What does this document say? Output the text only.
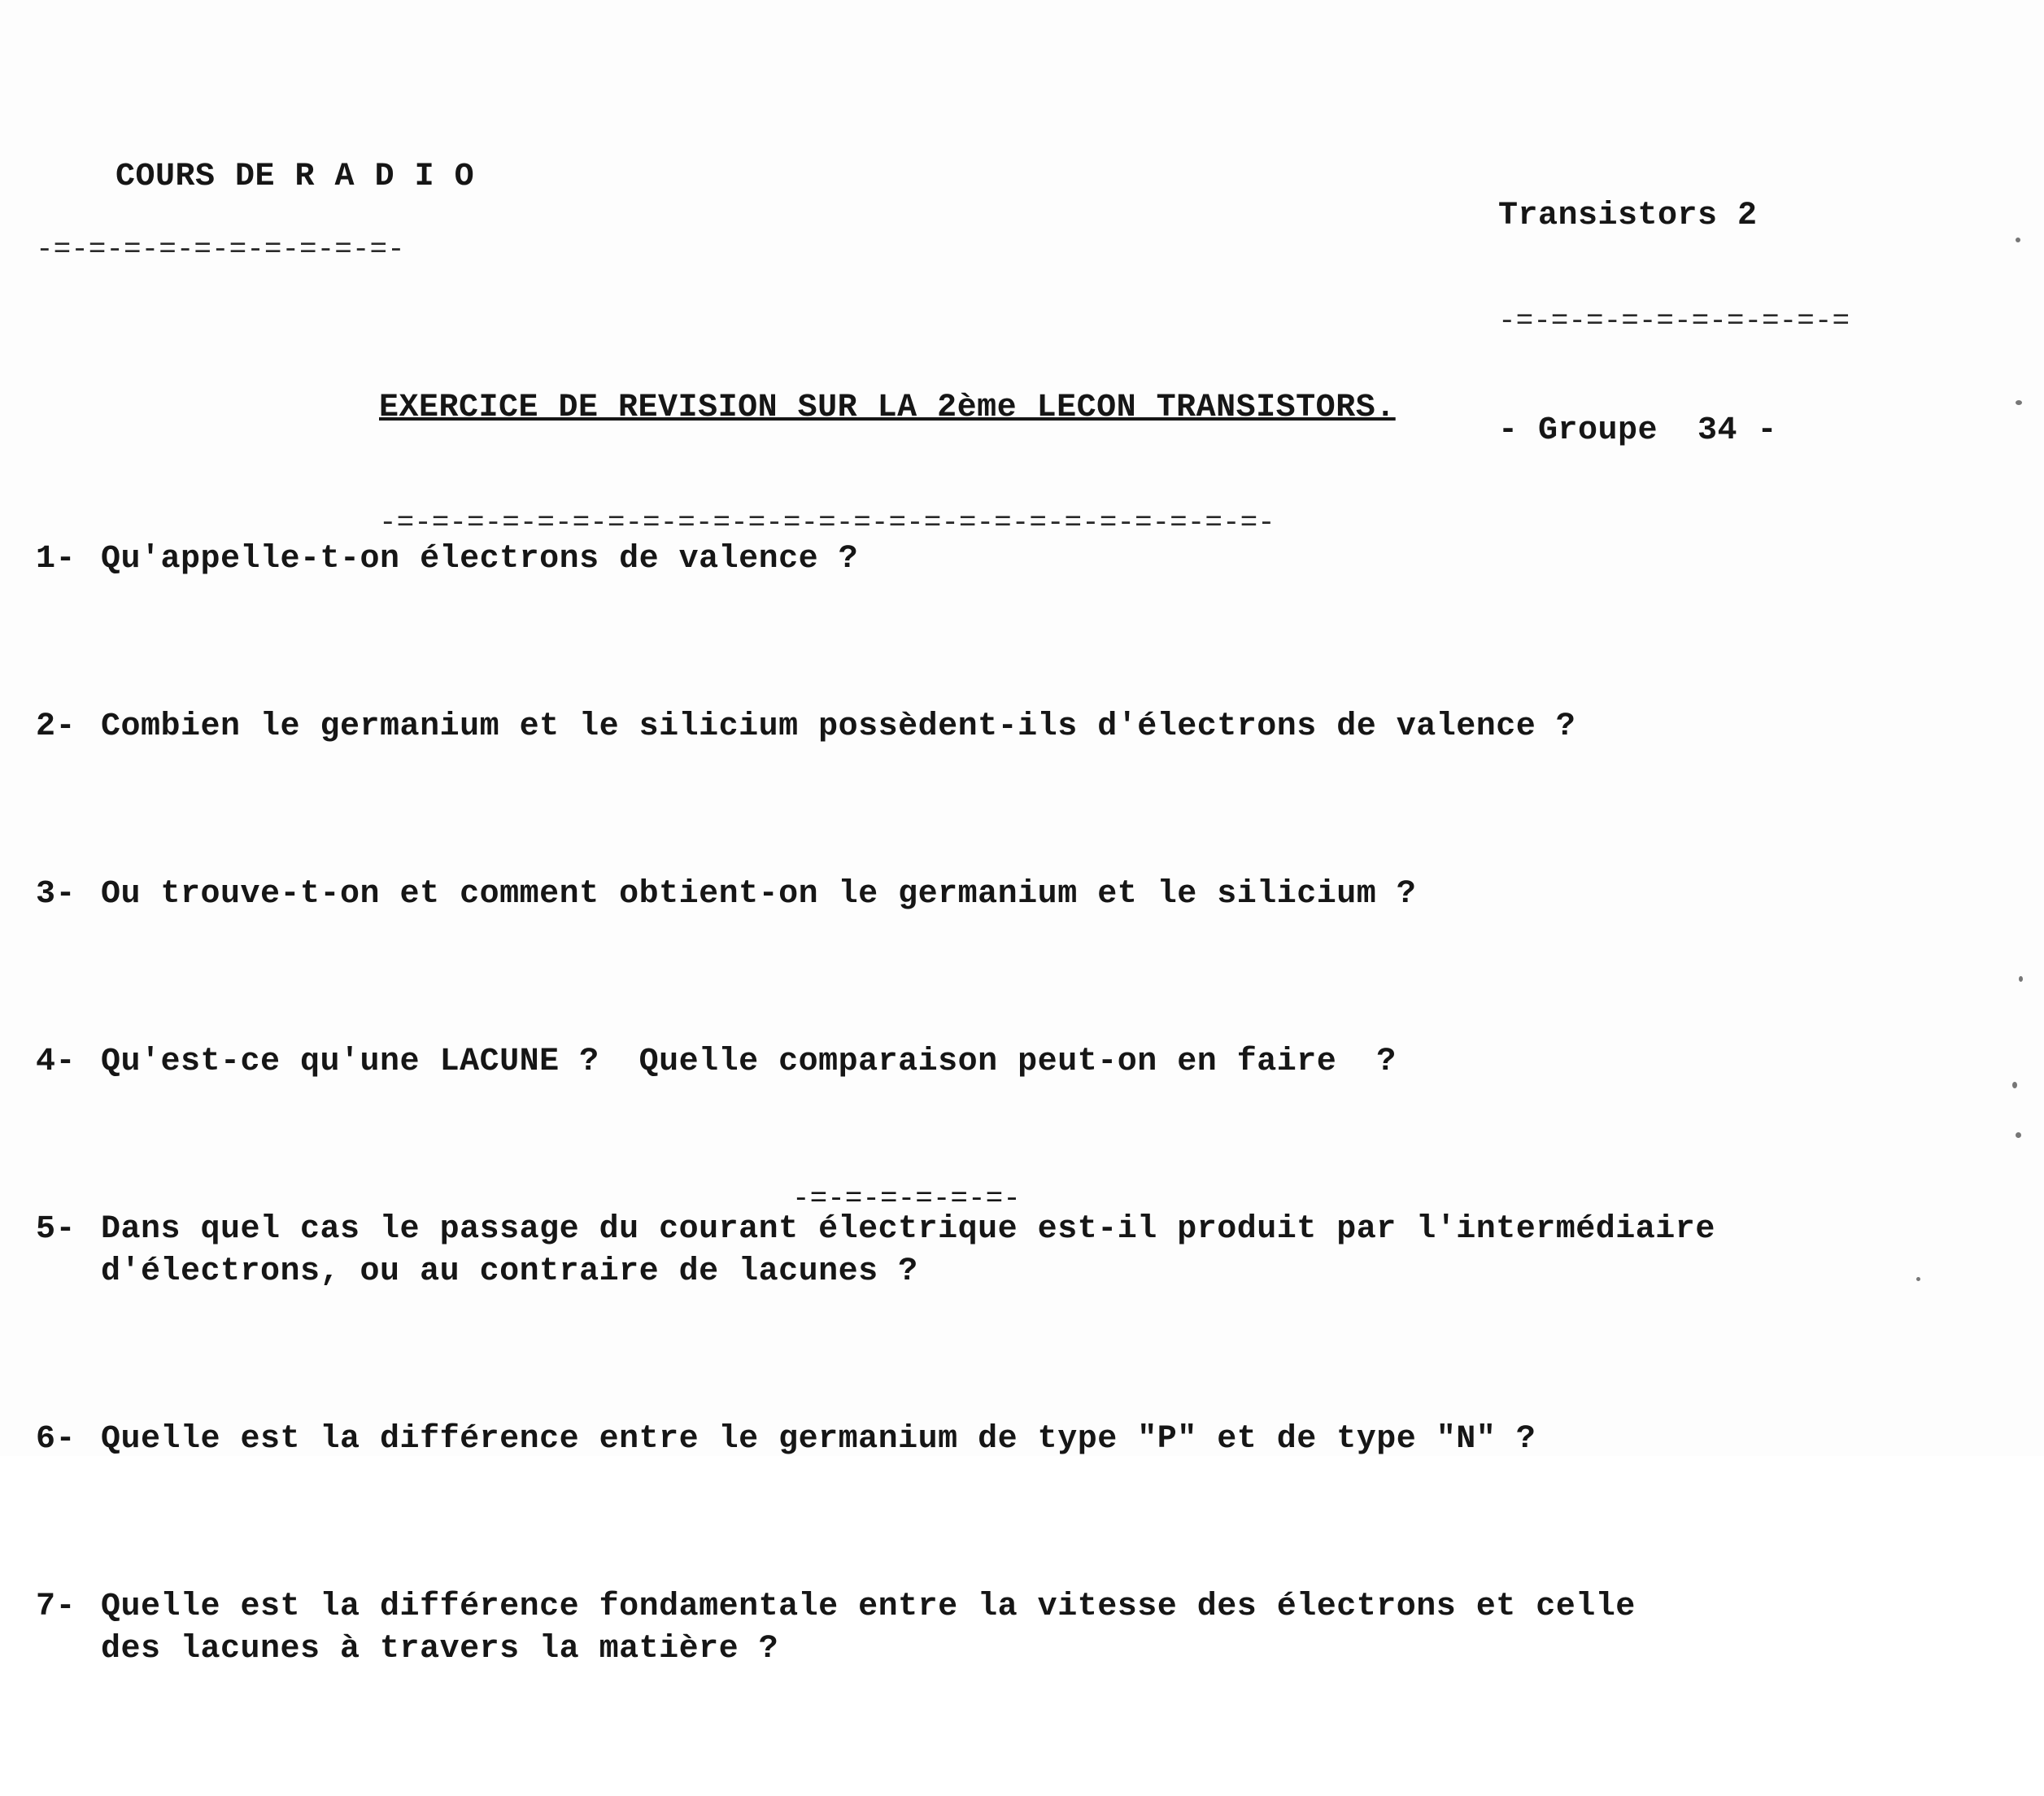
COURS DE R A D I O

-=-=-=-=-=-=-=-=-=-=-

Transistors 2

-=-=-=-=-=-=-=-=-=-=

- Groupe  34 -

EXERCICE DE REVISION SUR LA 2ème LECON TRANSISTORS.

-=-=-=-=-=-=-=-=-=-=-=-=-=-=-=-=-=-=-=-=-=-=-=-=-=-

1- Qu'appelle-t-on électrons de valence ?

2- Combien le germanium et le silicium possèdent-ils d'électrons de valence ?

3- Ou trouve-t-on et comment obtient-on le germanium et le silicium ?

4- Qu'est-ce qu'une LACUNE ?  Quelle comparaison peut-on en faire  ?

5- Dans quel cas le passage du courant électrique est-il produit par l'intermédiaire
d'électrons, ou au contraire de lacunes ?

6- Quelle est la différence entre le germanium de type "P" et de type "N" ?

7- Quelle est la différence fondamentale entre la vitesse des électrons et celle
des lacunes à travers la matière ?

-=-=-=-=-=-=-
